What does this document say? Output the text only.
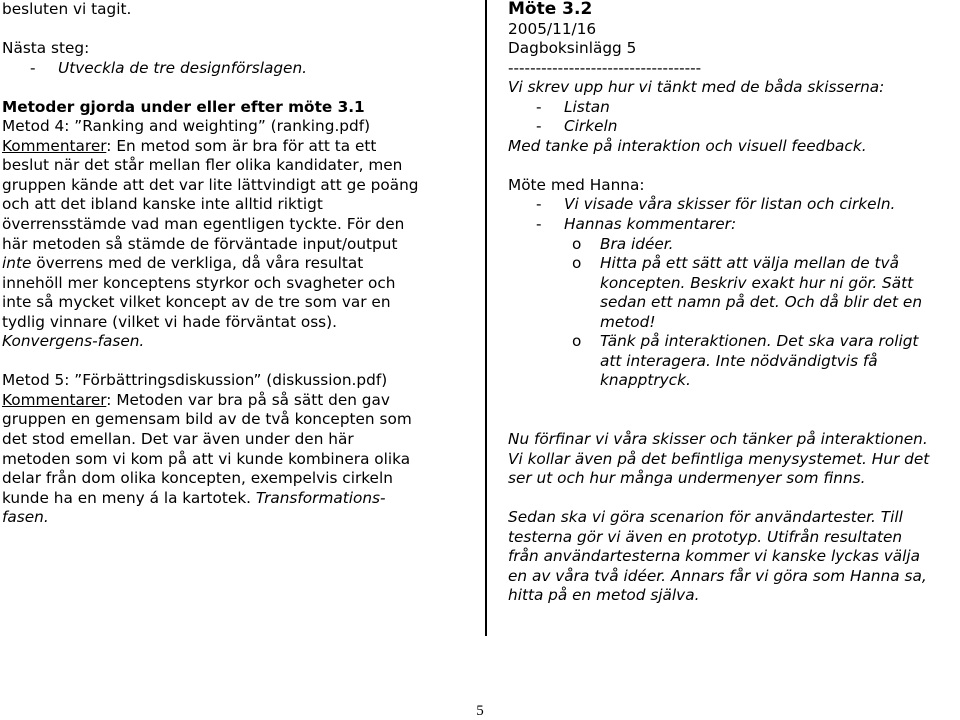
besluten vi tagit.
Nästa steg:
-	Utveckla de tre designförslagen.
Metoder gjorda under eller efter möte 3.1
Metod 4: ”Ranking and weighting” (ranking.pdf)
Kommentarer: En metod som är bra för att ta ett
beslut när det står mellan fler olika kandidater, men
gruppen kände att det var lite lättvindigt att ge poäng
och att det ibland kanske inte alltid riktigt
överrensstämde vad man egentligen tyckte. För den
här metoden så stämde de förväntade input/output
inte överrens med de verkliga, då våra resultat
innehöll mer konceptens styrkor och svagheter och
inte så mycket vilket koncept av de tre som var en
tydlig vinnare (vilket vi hade förväntat oss).
Konvergens-fasen.
Metod 5: ”Förbättringsdiskussion” (diskussion.pdf)
Kommentarer: Metoden var bra på så sätt den gav
gruppen en gemensam bild av de två koncepten som
det stod emellan. Det var även under den här
metoden som vi kom på att vi kunde kombinera olika
delar från dom olika koncepten, exempelvis cirkeln
kunde ha en meny á la kartotek. Transformations-
fasen.
Möte 3.2
2005/11/16
Dagboksinlägg 5
-----------------------------------
Vi skrev upp hur vi tänkt med de båda skisserna:
-	Listan
-	Cirkeln
Med tanke på interaktion och visuell feedback.
Möte med Hanna:
-	Vi visade våra skisser för listan och cirkeln.
-	Hannas kommentarer:
o	Bra idéer.
o	Hitta på ett sätt att välja mellan de två
koncepten. Beskriv exakt hur ni gör. Sätt
sedan ett namn på det. Och då blir det en
metod!
o	Tänk på interaktionen. Det ska vara roligt
att interagera. Inte nödvändigtvis få
knapptryck.
Nu förfinar vi våra skisser och tänker på interaktionen.
Vi kollar även på det befintliga menysystemet. Hur det
ser ut och hur många undermenyer som finns.
Sedan ska vi göra scenarion för användartester. Till
testerna gör vi även en prototyp. Utifrån resultaten
från användartesterna kommer vi kanske lyckas välja
en av våra två idéer. Annars får vi göra som Hanna sa,
hitta på en metod själva.
5
